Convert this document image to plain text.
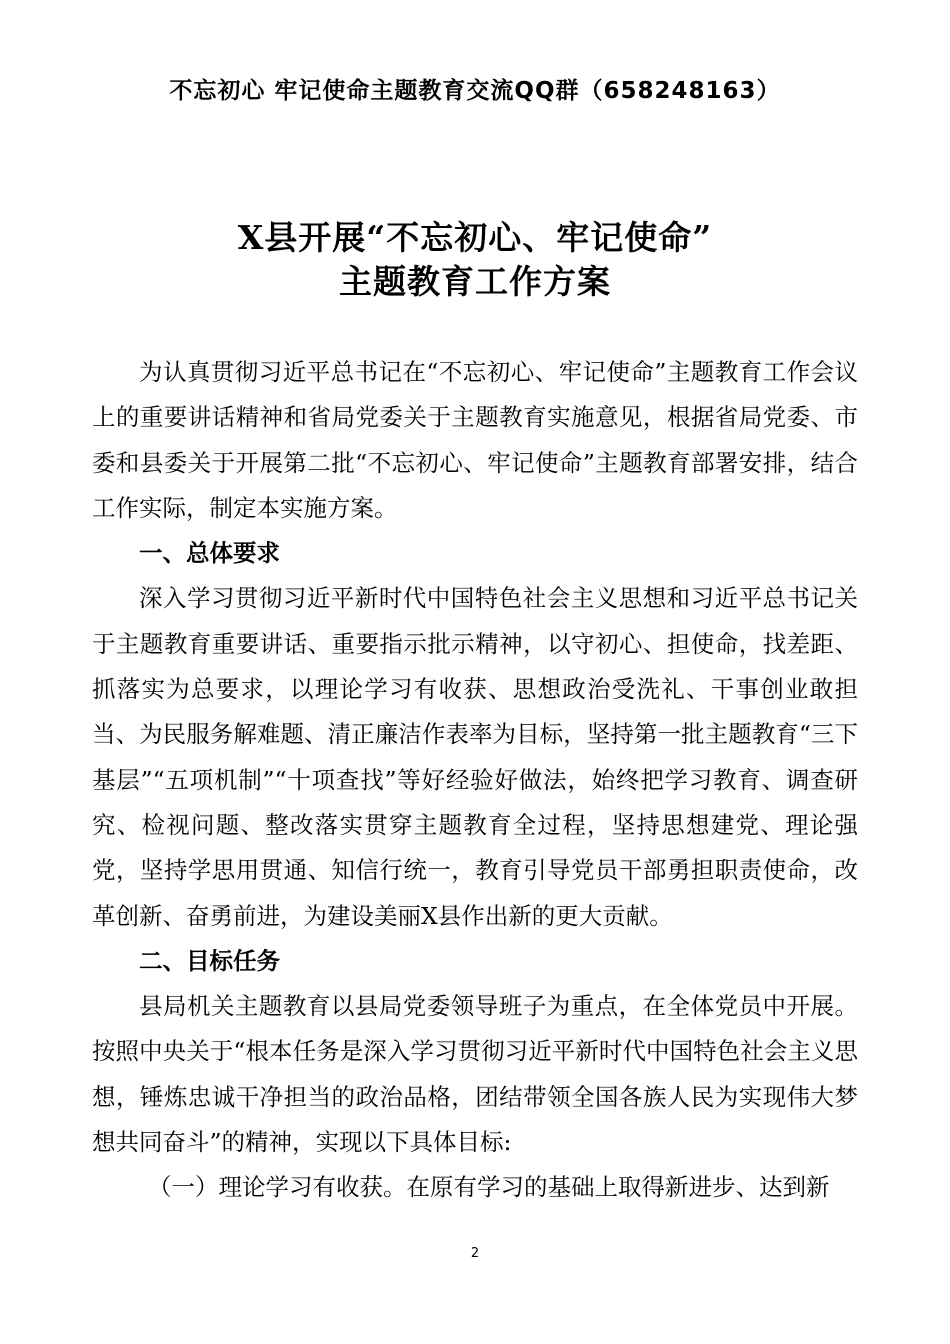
不忘初心 牢记使命主题教育交流QQ群（658248163）
X县开展“不忘初心、牢记使命”
主题教育工作方案

为认真贯彻习近平总书记在“不忘初心、牢记使命”主题教育工作会议上的重要讲话精神和省局党委关于主题教育实施意见，根据省局党委、市委和县委关于开展第二批“不忘初心、牢记使命”主题教育部署安排，结合工作实际，制定本实施方案。

一、总体要求

深入学习贯彻习近平新时代中国特色社会主义思想和习近平总书记关于主题教育重要讲话、重要指示批示精神，以守初心、担使命，找差距、抓落实为总要求，以理论学习有收获、思想政治受洗礼、干事创业敢担当、为民服务解难题、清正廉洁作表率为目标，坚持第一批主题教育“三下基层”“五项机制”“十项查找”等好经验好做法，始终把学习教育、调查研究、检视问题、整改落实贯穿主题教育全过程，坚持思想建党、理论强党，坚持学思用贯通、知信行统一，教育引导党员干部勇担职责使命，改革创新、奋勇前进，为建设美丽X县作出新的更大贡献。

二、目标任务

县局机关主题教育以县局党委领导班子为重点，在全体党员中开展。按照中央关于“根本任务是深入学习贯彻习近平新时代中国特色社会主义思想，锤炼忠诚干净担当的政治品格，团结带领全国各族人民为实现伟大梦想共同奋斗”的精神，实现以下具体目标:

（一）理论学习有收获。在原有学习的基础上取得新进步、达到新

2
